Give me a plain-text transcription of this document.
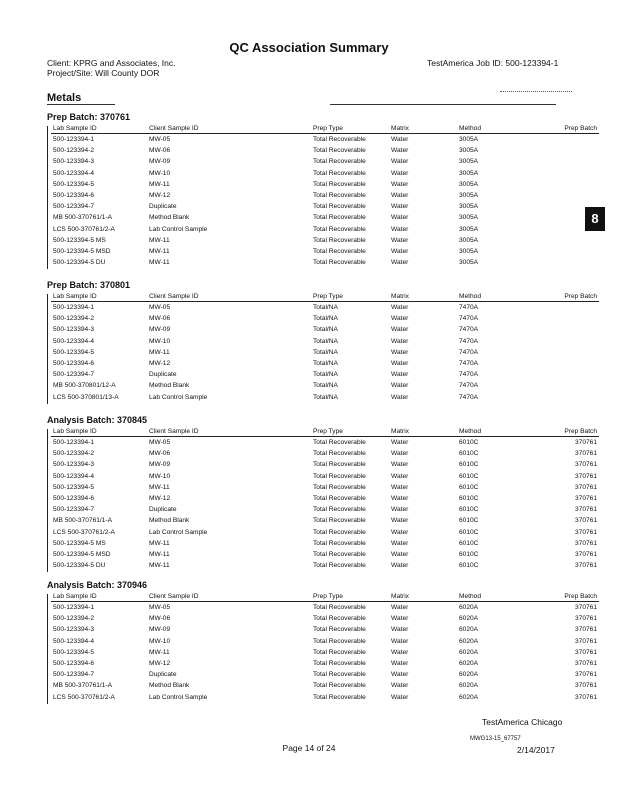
QC Association Summary
Client: KPRG and Associates, Inc.
Project/Site: Will County DOR
TestAmerica Job ID: 500-123394-1
Metals
8
Prep Batch: 370761
Lab Sample ID	Client Sample ID	Prep Type	Matrix	Method	Prep Batch
500-123394-1	MW-05	Total Recoverable	Water	3005A	
500-123394-2	MW-06	Total Recoverable	Water	3005A	
500-123394-3	MW-09	Total Recoverable	Water	3005A	
500-123394-4	MW-10	Total Recoverable	Water	3005A	
500-123394-5	MW-11	Total Recoverable	Water	3005A	
500-123394-6	MW-12	Total Recoverable	Water	3005A	
500-123394-7	Duplicate	Total Recoverable	Water	3005A	
MB 500-370761/1-A	Method Blank	Total Recoverable	Water	3005A	
LCS 500-370761/2-A	Lab Control Sample	Total Recoverable	Water	3005A	
500-123394-5 MS	MW-11	Total Recoverable	Water	3005A	
500-123394-5 MSD	MW-11	Total Recoverable	Water	3005A	
500-123394-5 DU	MW-11	Total Recoverable	Water	3005A	
Prep Batch: 370801
Lab Sample ID	Client Sample ID	Prep Type	Matrix	Method	Prep Batch
500-123394-1	MW-05	Total/NA	Water	7470A	
500-123394-2	MW-06	Total/NA	Water	7470A	
500-123394-3	MW-09	Total/NA	Water	7470A	
500-123394-4	MW-10	Total/NA	Water	7470A	
500-123394-5	MW-11	Total/NA	Water	7470A	
500-123394-6	MW-12	Total/NA	Water	7470A	
500-123394-7	Duplicate	Total/NA	Water	7470A	
MB 500-370801/12-A	Method Blank	Total/NA	Water	7470A	
LCS 500-370801/13-A	Lab Control Sample	Total/NA	Water	7470A	
Analysis Batch: 370845
Lab Sample ID	Client Sample ID	Prep Type	Matrix	Method	Prep Batch
500-123394-1	MW-05	Total Recoverable	Water	6010C	370761
500-123394-2	MW-06	Total Recoverable	Water	6010C	370761
500-123394-3	MW-09	Total Recoverable	Water	6010C	370761
500-123394-4	MW-10	Total Recoverable	Water	6010C	370761
500-123394-5	MW-11	Total Recoverable	Water	6010C	370761
500-123394-6	MW-12	Total Recoverable	Water	6010C	370761
500-123394-7	Duplicate	Total Recoverable	Water	6010C	370761
MB 500-370761/1-A	Method Blank	Total Recoverable	Water	6010C	370761
LCS 500-370761/2-A	Lab Control Sample	Total Recoverable	Water	6010C	370761
500-123394-5 MS	MW-11	Total Recoverable	Water	6010C	370761
500-123394-5 MSD	MW-11	Total Recoverable	Water	6010C	370761
500-123394-5 DU	MW-11	Total Recoverable	Water	6010C	370761
Analysis Batch: 370946
Lab Sample ID	Client Sample ID	Prep Type	Matrix	Method	Prep Batch
500-123394-1	MW-05	Total Recoverable	Water	6020A	370761
500-123394-2	MW-06	Total Recoverable	Water	6020A	370761
500-123394-3	MW-09	Total Recoverable	Water	6020A	370761
500-123394-4	MW-10	Total Recoverable	Water	6020A	370761
500-123394-5	MW-11	Total Recoverable	Water	6020A	370761
500-123394-6	MW-12	Total Recoverable	Water	6020A	370761
500-123394-7	Duplicate	Total Recoverable	Water	6020A	370761
MB 500-370761/1-A	Method Blank	Total Recoverable	Water	6020A	370761
LCS 500-370761/2-A	Lab Control Sample	Total Recoverable	Water	6020A	370761
TestAmerica Chicago
MWG13-15_67757
Page 14 of 24	2/14/2017
